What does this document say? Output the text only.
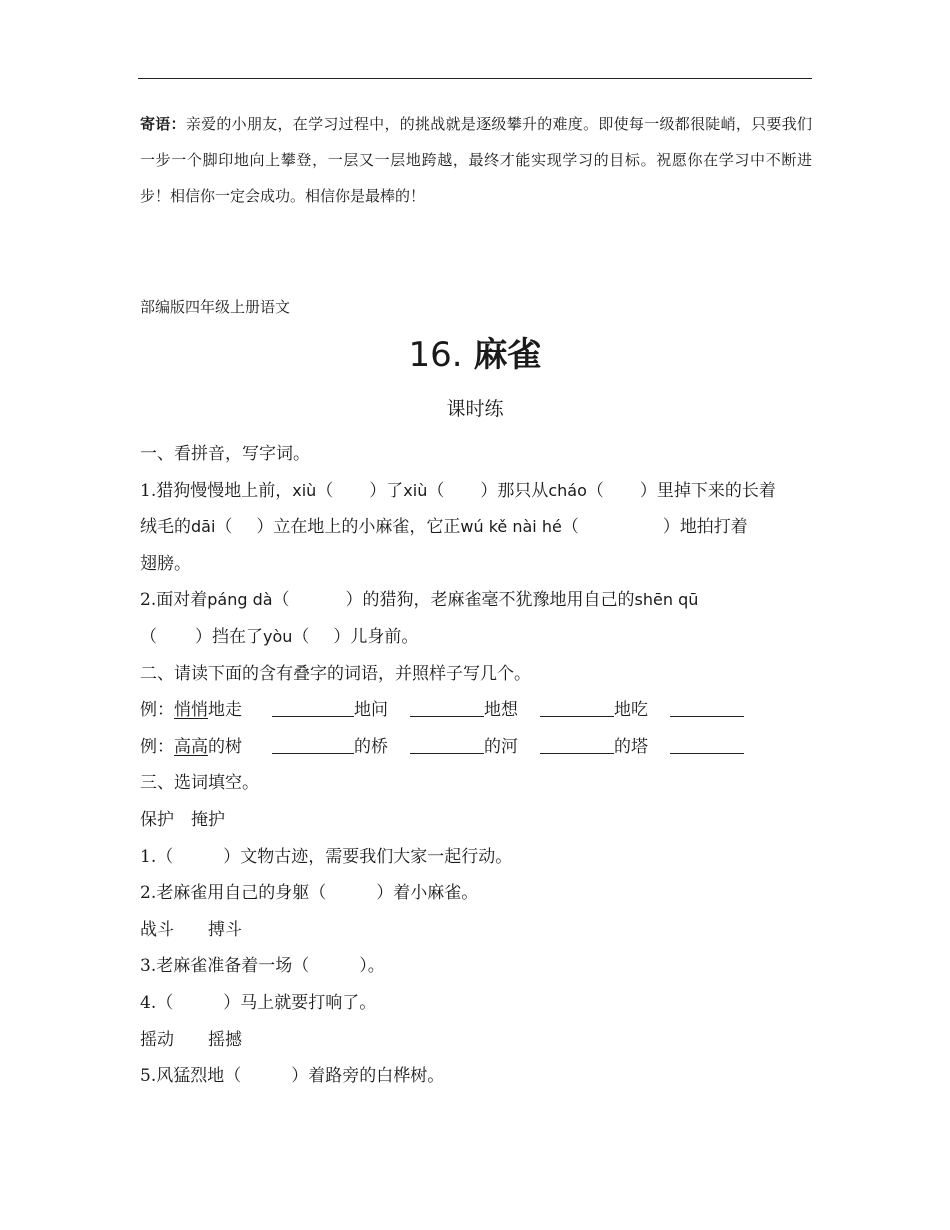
寄语：亲爱的小朋友，在学习过程中，的挑战就是逐级攀升的难度。即使每一级都很陡峭，只要我们一步一个脚印地向上攀登，一层又一层地跨越，最终才能实现学习的目标。祝愿你在学习中不断进步！相信你一定会成功。相信你是最棒的！
部编版四年级上册语文
16. 麻雀
课时练
一、看拼音，写字词。
1.猎狗慢慢地上前，xiù（ ）了xiù（ ）那只从cháo（ ）里掉下来的长着
绒毛的dāi（ ）立在地上的小麻雀，它正wú kě nài hé（	）地拍打着
翅膀。
2.面对着páng dà（	）的猎狗，老麻雀毫不犹豫地用自己的shēn qū
（ ）挡在了yòu（ ）儿身前。
二、请读下面的含有叠字的词语，并照样子写几个。
例：悄悄地走	地问	地想	地吃
例：高高的树	的桥	的河	的塔
三、选词填空。
保护　掩护
1.（	）文物古迹，需要我们大家一起行动。
2.老麻雀用自己的身躯（	）着小麻雀。
战斗　　搏斗
3.老麻雀准备着一场（	）。
4.（	）马上就要打响了。
摇动　　摇撼
5.风猛烈地（	）着路旁的白桦树。
